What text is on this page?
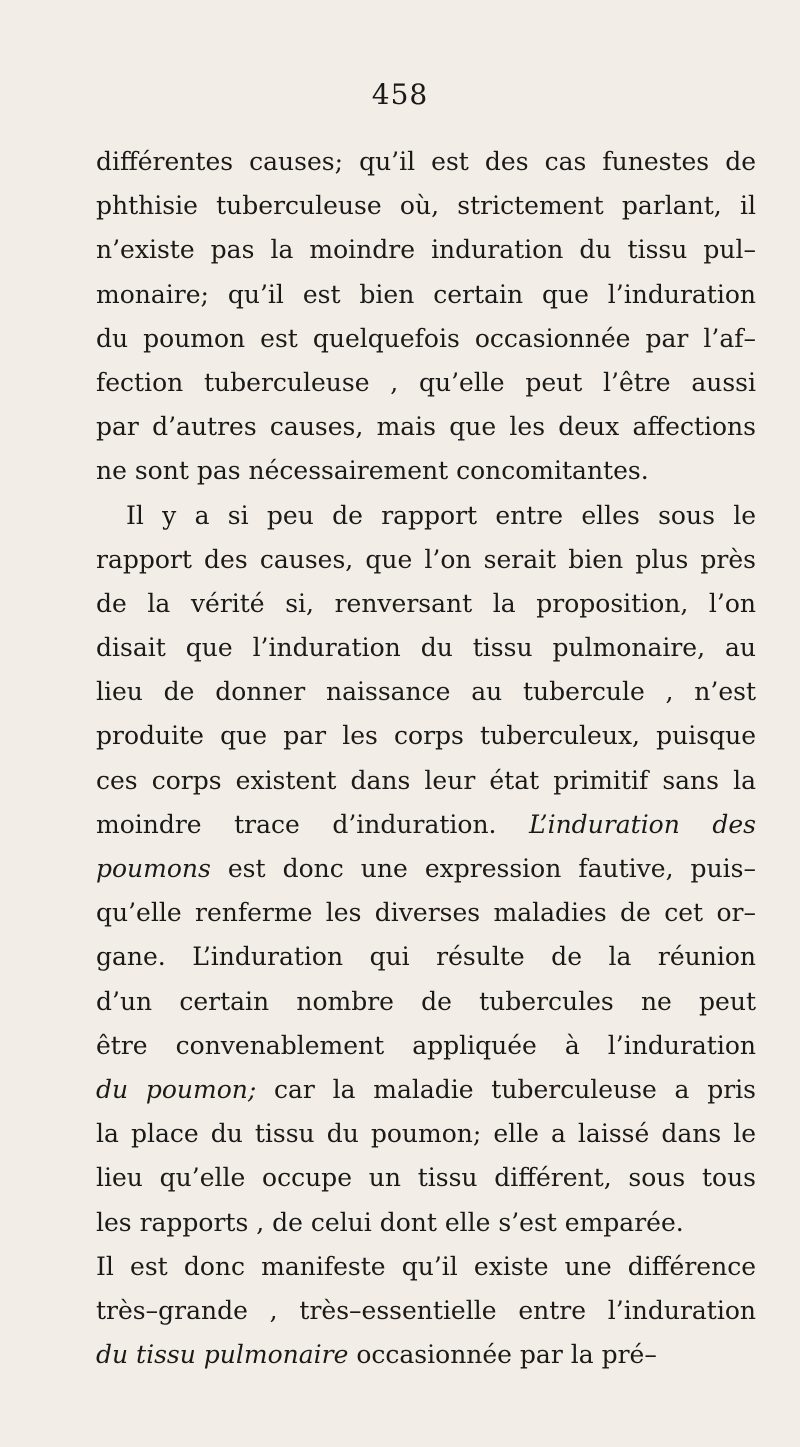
458
différentes causes; qu’il est des cas funestes de
phthisie tuberculeuse où, strictement parlant, il
n’existe pas la moindre induration du tissu pul–
monaire; qu’il est bien certain que l’induration
du poumon est quelquefois occasionnée par l’af–
fection tuberculeuse , qu’elle peut l’être aussi
par d’autres causes, mais que les deux affections
ne sont pas nécessairement concomitantes.
Il y a si peu de rapport entre elles sous le
rapport des causes, que l’on serait bien plus près
de la vérité si, renversant la proposition, l’on
disait que l’induration du tissu pulmonaire, au
lieu de donner naissance au tubercule , n’est
produite que par les corps tuberculeux, puisque
ces corps existent dans leur état primitif sans la
moindre trace d’induration. L’induration des
poumons est donc une expression fautive, puis–
qu’elle renferme les diverses maladies de cet or–
gane. L’induration qui résulte de la réunion
d’un certain nombre de tubercules ne peut
être convenablement appliquée à l’induration
du poumon; car la maladie tuberculeuse a pris
la place du tissu du poumon; elle a laissé dans le
lieu qu’elle occupe un tissu différent, sous tous
les rapports , de celui dont elle s’est emparée.
Il est donc manifeste qu’il existe une différence
très–grande , très–essentielle entre l’induration
du tissu pulmonaire occasionnée par la pré–
